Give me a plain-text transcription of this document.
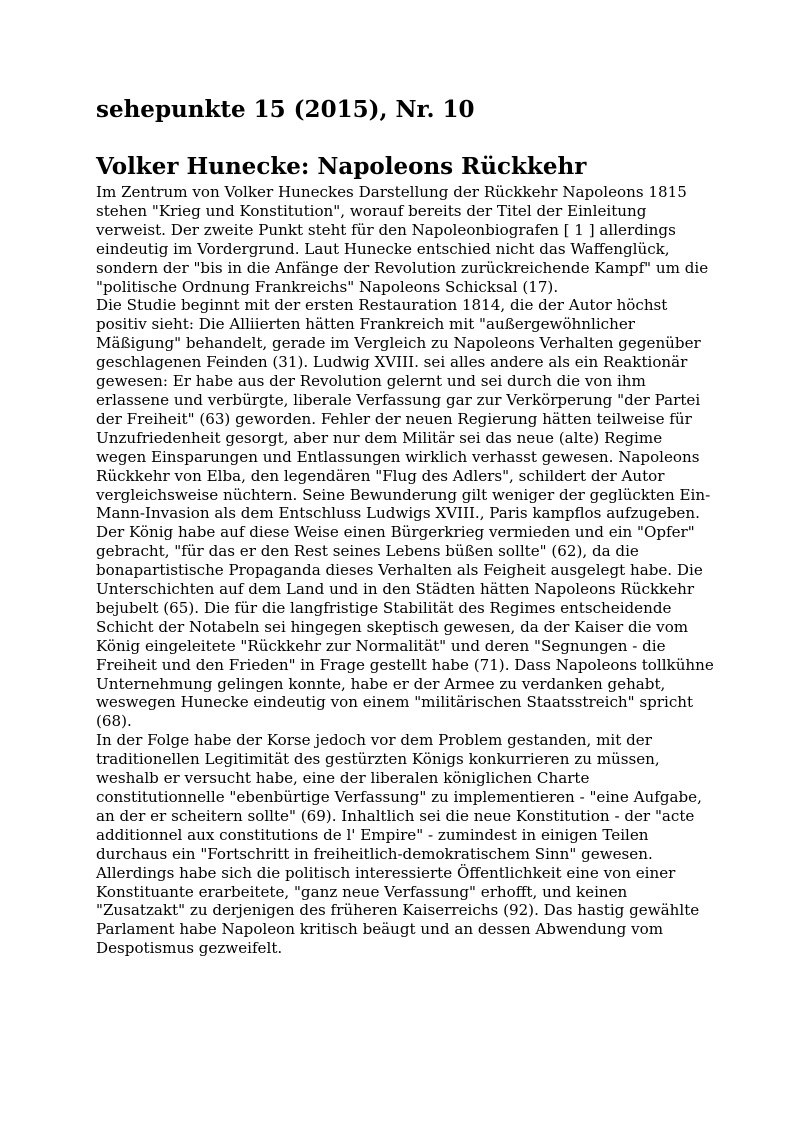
sehepunkte 15 (2015), Nr. 10
Volker Hunecke: Napoleons Rückkehr

Im Zentrum von Volker Huneckes Darstellung der Rückkehr Napoleons 1815 stehen "Krieg und Konstitution", worauf bereits der Titel der Einleitung verweist. Der zweite Punkt steht für den Napoleonbiografen [ 1 ] allerdings eindeutig im Vordergrund. Laut Hunecke entschied nicht das Waffenglück, sondern der "bis in die Anfänge der Revolution zurückreichende Kampf" um die "politische Ordnung Frankreichs" Napoleons Schicksal (17).

Die Studie beginnt mit der ersten Restauration 1814, die der Autor höchst positiv sieht: Die Alliierten hätten Frankreich mit "außergewöhnlicher Mäßigung" behandelt, gerade im Vergleich zu Napoleons Verhalten gegenüber geschlagenen Feinden (31). Ludwig XVIII. sei alles andere als ein Reaktionär gewesen: Er habe aus der Revolution gelernt und sei durch die von ihm erlassene und verbürgte, liberale Verfassung gar zur Verkörperung "der Partei der Freiheit" (63) geworden. Fehler der neuen Regierung hätten teilweise für Unzufriedenheit gesorgt, aber nur dem Militär sei das neue (alte) Regime wegen Einsparungen und Entlassungen wirklich verhasst gewesen. Napoleons Rückkehr von Elba, den legendären "Flug des Adlers", schildert der Autor vergleichsweise nüchtern. Seine Bewunderung gilt weniger der geglückten Ein-Mann-Invasion als dem Entschluss Ludwigs XVIII., Paris kampflos aufzugeben. Der König habe auf diese Weise einen Bürgerkrieg vermieden und ein "Opfer" gebracht, "für das er den Rest seines Lebens büßen sollte" (62), da die bonapartistische Propaganda dieses Verhalten als Feigheit ausgelegt habe. Die Unterschichten auf dem Land und in den Städten hätten Napoleons Rückkehr bejubelt (65). Die für die langfristige Stabilität des Regimes entscheidende Schicht der Notabeln sei hingegen skeptisch gewesen, da der Kaiser die vom König eingeleitete "Rückkehr zur Normalität" und deren "Segnungen - die Freiheit und den Frieden" in Frage gestellt habe (71). Dass Napoleons tollkühne Unternehmung gelingen konnte, habe er der Armee zu verdanken gehabt, weswegen Hunecke eindeutig von einem "militärischen Staatsstreich" spricht (68).

In der Folge habe der Korse jedoch vor dem Problem gestanden, mit der traditionellen Legitimität des gestürzten Königs konkurrieren zu müssen, weshalb er versucht habe, eine der liberalen königlichen Charte constitutionnelle "ebenbürtige Verfassung" zu implementieren - "eine Aufgabe, an der er scheitern sollte" (69). Inhaltlich sei die neue Konstitution - der "acte additionnel aux constitutions de l' Empire" - zumindest in einigen Teilen durchaus ein "Fortschritt in freiheitlich-demokratischem Sinn" gewesen. Allerdings habe sich die politisch interessierte Öffentlichkeit eine von einer Konstituante erarbeitete, "ganz neue Verfassung" erhofft, und keinen "Zusatzakt" zu derjenigen des früheren Kaiserreichs (92). Das hastig gewählte Parlament habe Napoleon kritisch beäugt und an dessen Abwendung vom Despotismus gezweifelt.
